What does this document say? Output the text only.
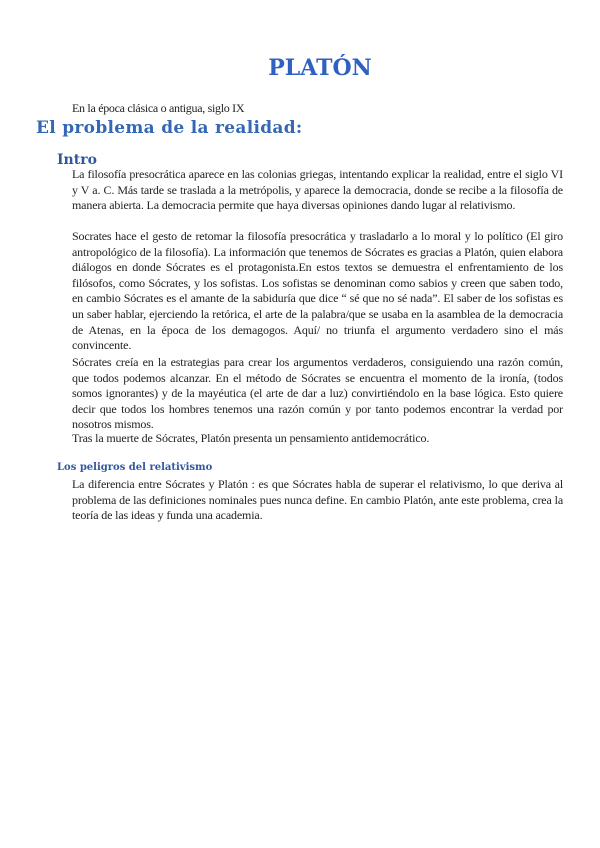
PLATÓN

En la época clásica o antigua, siglo IX

El problema de la realidad:
Intro

La filosofía presocrática aparece en las colonias griegas, intentando explicar la realidad, entre el siglo VI y V a. C. Más tarde se traslada a la metrópolis, y aparece la democracia, donde se recibe a la filosofía de manera abierta. La democracia permite que haya diversas opiniones dando lugar al relativismo.

Socrates hace el gesto de retomar la filosofía presocrática y trasladarlo a lo moral y lo político (El giro antropológico de la filosofía). La información que tenemos de Sócrates es gracias a Platón, quien elabora diálogos en donde Sócrates es el protagonista.En estos textos se demuestra el enfrentamiento de los filósofos, como Sócrates, y los sofistas. Los sofistas se denominan como sabios y creen que saben todo, en cambio Sócrates es el amante de la sabiduría que dice “ sé que no sé nada”. El saber de los sofistas es un saber hablar, ejerciendo la retórica, el arte de la palabra/que se usaba en la asamblea de la democracia de Atenas, en la época de los demagogos. Aquí/ no triunfa el argumento verdadero sino el más convincente.

Sócrates creía en la estrategias para crear los argumentos verdaderos, consiguiendo una razón común, que todos podemos alcanzar. En el método de Sócrates se encuentra el momento de la ironía, (todos somos ignorantes) y de la mayéutica (el arte de dar a luz) convirtiéndolo en la base lógica. Esto quiere decir que todos los hombres tenemos una razón común y por tanto podemos encontrar la verdad por nosotros mismos.

Tras la muerte de Sócrates, Platón presenta un pensamiento antidemocrático.

Los peligros del relativismo

La diferencia entre Sócrates y Platón : es que Sócrates habla de superar el relativismo, lo que deriva al problema de las definiciones nominales pues nunca define. En cambio Platón, ante este problema, crea la teoría de las ideas y funda una academia.
